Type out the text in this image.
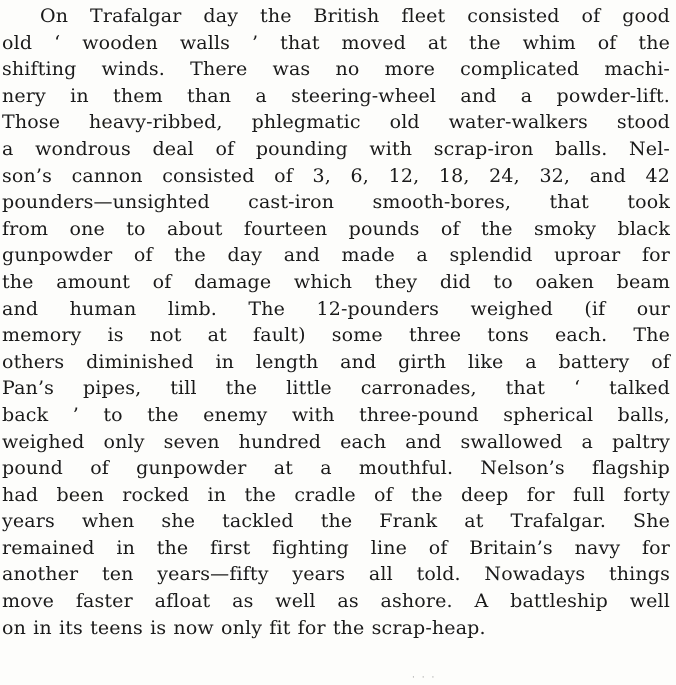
On Trafalgar day the British fleet consisted of good
old ‘ wooden walls ’ that moved at the whim of the
shifting winds. There was no more complicated machi-
nery in them than a steering-wheel and a powder-lift.
Those heavy-ribbed, phlegmatic old water-walkers stood
a wondrous deal of pounding with scrap-iron balls. Nel-
son’s cannon consisted of 3, 6, 12, 18, 24, 32, and 42
pounders—unsighted cast-iron smooth-bores, that took
from one to about fourteen pounds of the smoky black
gunpowder of the day and made a splendid uproar for
the amount of damage which they did to oaken beam
and human limb. The 12-pounders weighed (if our
memory is not at fault) some three tons each. The
others diminished in length and girth like a battery of
Pan’s pipes, till the little carronades, that ‘ talked
back ’ to the enemy with three-pound spherical balls,
weighed only seven hundred each and swallowed a paltry
pound of gunpowder at a mouthful. Nelson’s flagship
had been rocked in the cradle of the deep for full forty
years when she tackled the Frank at Trafalgar. She
remained in the first fighting line of Britain’s navy for
another ten years—fifty years all told. Nowadays things
move faster afloat as well as ashore. A battleship well
on in its teens is now only fit for the scrap-heap.
· · ·
